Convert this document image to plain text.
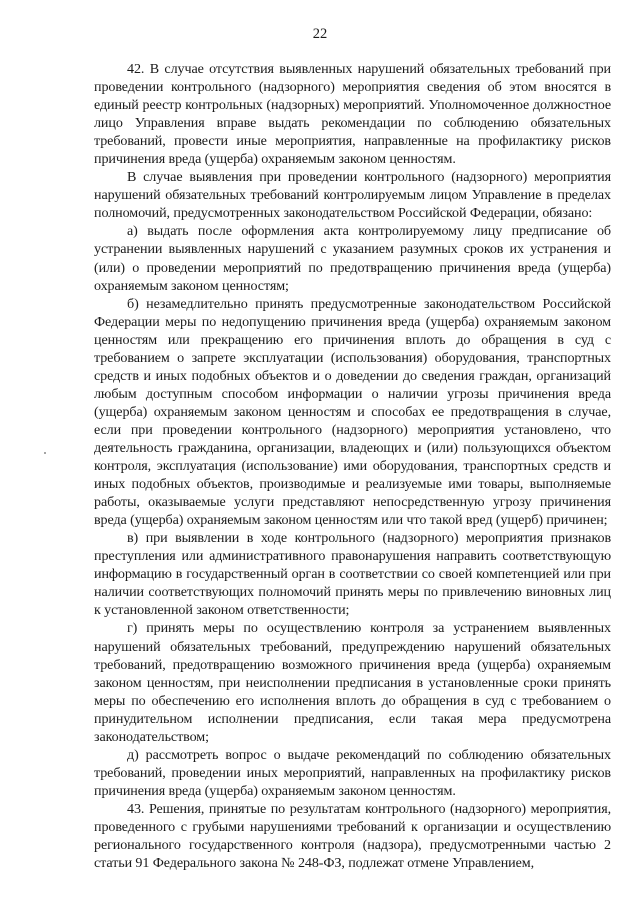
22

42. В случае отсутствия выявленных нарушений обязательных требований при проведении контрольного (надзорного) мероприятия сведения об этом вносятся в единый реестр контрольных (надзорных) мероприятий. Уполномоченное должностное лицо Управления вправе выдать рекомендации по соблюдению обязательных требований, провести иные мероприятия, направленные на профилактику рисков причинения вреда (ущерба) охраняемым законом ценностям.

В случае выявления при проведении контрольного (надзорного) мероприятия нарушений обязательных требований контролируемым лицом Управление в пределах полномочий, предусмотренных законодательством Российской Федерации, обязано:

а) выдать после оформления акта контролируемому лицу предписание об устранении выявленных нарушений с указанием разумных сроков их устранения и (или) о проведении мероприятий по предотвращению причинения вреда (ущерба) охраняемым законом ценностям;

б) незамедлительно принять предусмотренные законодательством Российской Федерации меры по недопущению причинения вреда (ущерба) охраняемым законом ценностям или прекращению его причинения вплоть до обращения в суд с требованием о запрете эксплуатации (использования) оборудования, транспортных средств и иных подобных объектов и о доведении до сведения граждан, организаций любым доступным способом информации о наличии угрозы причинения вреда (ущерба) охраняемым законом ценностям и способах ее предотвращения в случае, если при проведении контрольного (надзорного) мероприятия установлено, что деятельность гражданина, организации, владеющих и (или) пользующихся объектом контроля, эксплуатация (использование) ими оборудования, транспортных средств и иных подобных объектов, производимые и реализуемые ими товары, выполняемые работы, оказываемые услуги представляют непосредственную угрозу причинения вреда (ущерба) охраняемым законом ценностям или что такой вред (ущерб) причинен;

в) при выявлении в ходе контрольного (надзорного) мероприятия признаков преступления или административного правонарушения направить соответствующую информацию в государственный орган в соответствии со своей компетенцией или при наличии соответствующих полномочий принять меры по привлечению виновных лиц к установленной законом ответственности;

г) принять меры по осуществлению контроля за устранением выявленных нарушений обязательных требований, предупреждению нарушений обязательных требований, предотвращению возможного причинения вреда (ущерба) охраняемым законом ценностям, при неисполнении предписания в установленные сроки принять меры по обеспечению его исполнения вплоть до обращения в суд с требованием о принудительном исполнении предписания, если такая мера предусмотрена законодательством;

д) рассмотреть вопрос о выдаче рекомендаций по соблюдению обязательных требований, проведении иных мероприятий, направленных на профилактику рисков причинения вреда (ущерба) охраняемым законом ценностям.

43. Решения, принятые по результатам контрольного (надзорного) мероприятия, проведенного с грубыми нарушениями требований к организации и осуществлению регионального государственного контроля (надзора), предусмотренными частью 2 статьи 91 Федерального закона № 248-ФЗ, подлежат отмене Управлением,
